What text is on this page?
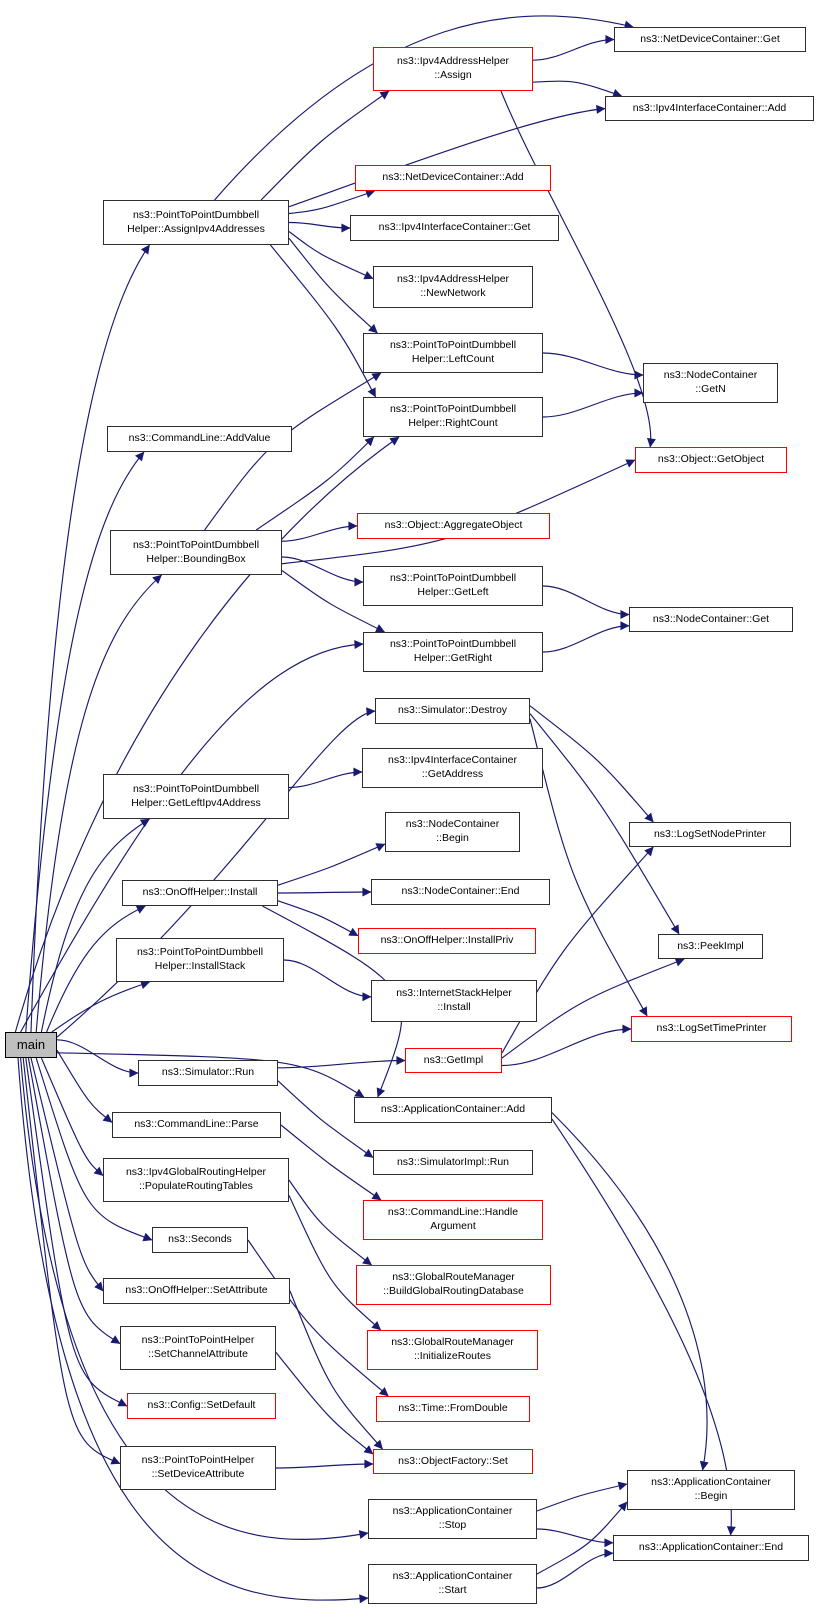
main
ns3::PointToPointDumbbell
Helper::AssignIpv4Addresses
ns3::CommandLine::AddValue
ns3::PointToPointDumbbell
Helper::BoundingBox
ns3::PointToPointDumbbell
Helper::GetLeftIpv4Address
ns3::OnOffHelper::Install
ns3::PointToPointDumbbell
Helper::InstallStack
ns3::Simulator::Run
ns3::CommandLine::Parse
ns3::Ipv4GlobalRoutingHelper
::PopulateRoutingTables
ns3::Seconds
ns3::OnOffHelper::SetAttribute
ns3::PointToPointHelper
::SetChannelAttribute
ns3::Config::SetDefault
ns3::PointToPointHelper
::SetDeviceAttribute
ns3::Ipv4AddressHelper
::Assign
ns3::NetDeviceContainer::Add
ns3::Ipv4InterfaceContainer::Get
ns3::Ipv4AddressHelper
::NewNetwork
ns3::PointToPointDumbbell
Helper::LeftCount
ns3::PointToPointDumbbell
Helper::RightCount
ns3::Object::AggregateObject
ns3::PointToPointDumbbell
Helper::GetLeft
ns3::PointToPointDumbbell
Helper::GetRight
ns3::Simulator::Destroy
ns3::Ipv4InterfaceContainer
::GetAddress
ns3::NodeContainer
::Begin
ns3::NodeContainer::End
ns3::OnOffHelper::InstallPriv
ns3::InternetStackHelper
::Install
ns3::GetImpl
ns3::ApplicationContainer::Add
ns3::SimulatorImpl::Run
ns3::CommandLine::Handle
Argument
ns3::GlobalRouteManager
::BuildGlobalRoutingDatabase
ns3::GlobalRouteManager
::InitializeRoutes
ns3::Time::FromDouble
ns3::ObjectFactory::Set
ns3::ApplicationContainer
::Stop
ns3::ApplicationContainer
::Start
ns3::NetDeviceContainer::Get
ns3::Ipv4InterfaceContainer::Add
ns3::NodeContainer
::GetN
ns3::Object::GetObject
ns3::NodeContainer::Get
ns3::LogSetNodePrinter
ns3::PeekImpl
ns3::LogSetTimePrinter
ns3::ApplicationContainer
::Begin
ns3::ApplicationContainer::End
